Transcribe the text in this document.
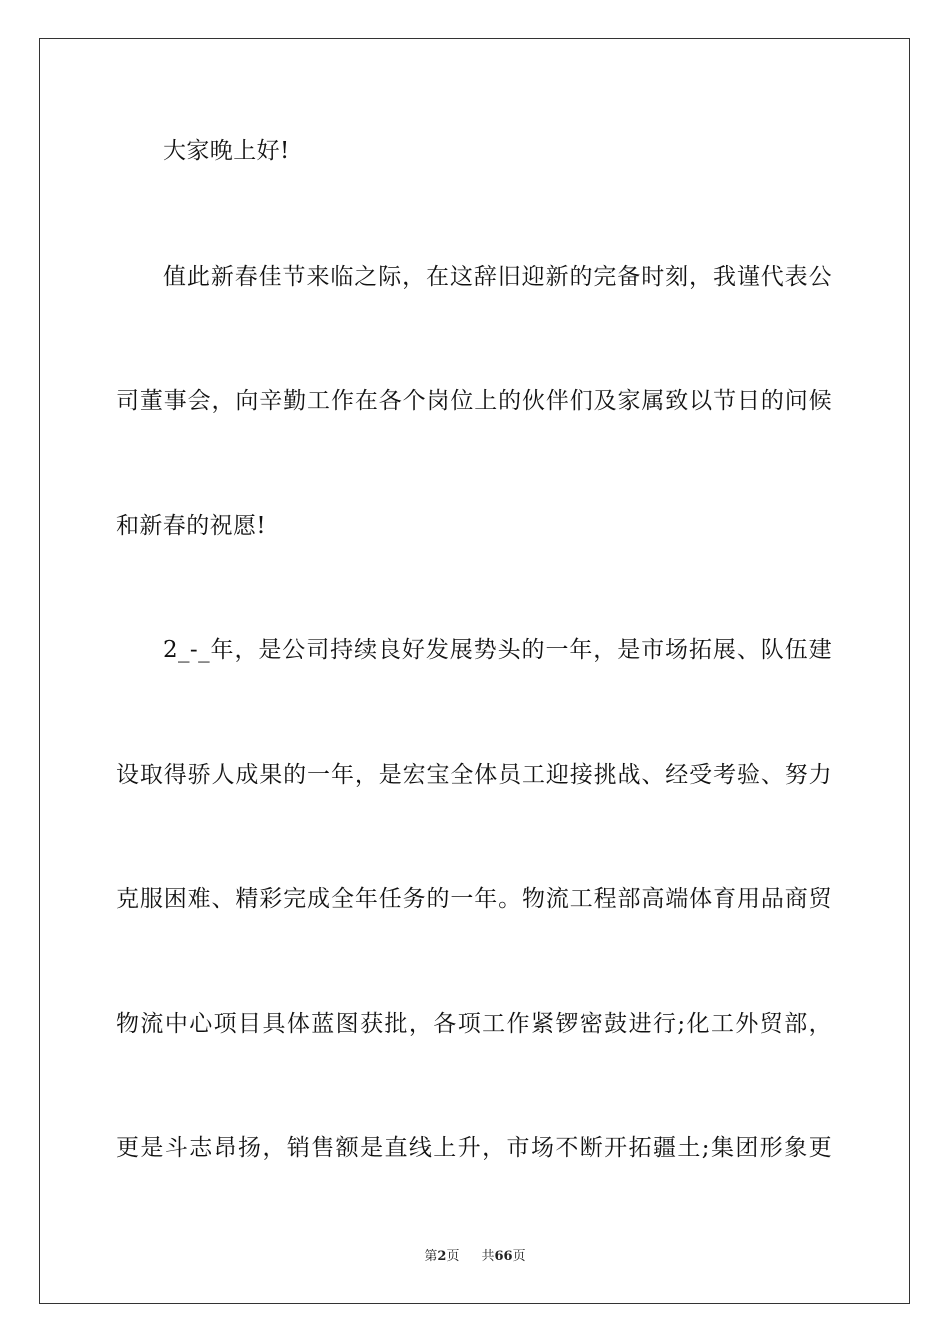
大家晚上好!
值此新春佳节来临之际，在这辞旧迎新的完备时刻，我谨代表公
司董事会，向辛勤工作在各个岗位上的伙伴们及家属致以节日的问候
和新春的祝愿!
2_-_年，是公司持续良好发展势头的一年，是市场拓展、队伍建
设取得骄人成果的一年，是宏宝全体员工迎接挑战、经受考验、努力
克服困难、精彩完成全年任务的一年。物流工程部高端体育用品商贸
物流中心项目具体蓝图获批，各项工作紧锣密鼓进行;化工外贸部，
更是斗志昂扬，销售额是直线上升，市场不断开拓疆土;集团形象更
第2页 共66页
